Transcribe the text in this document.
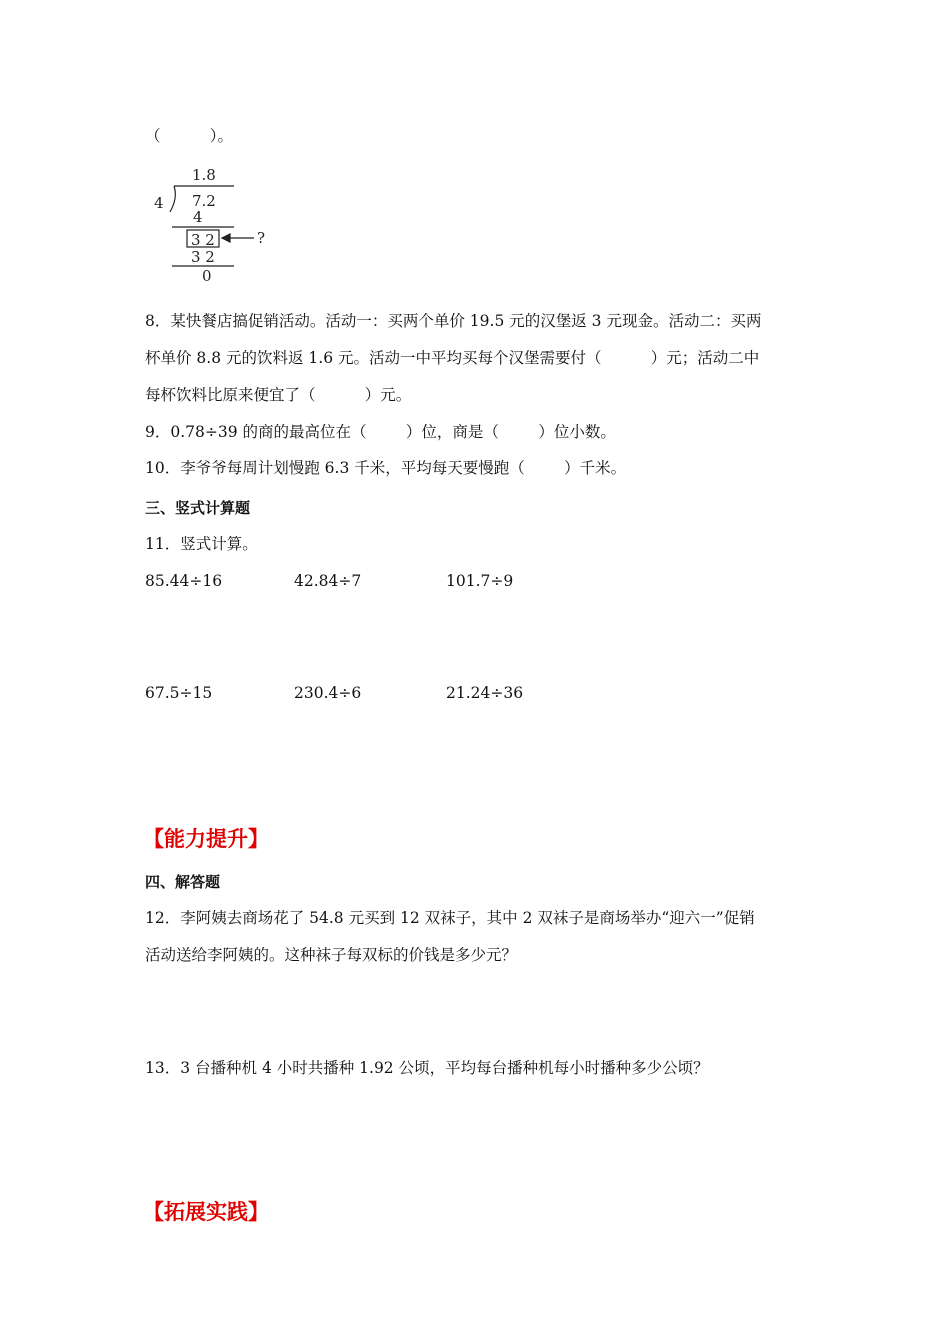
（          ）。
1.8
4 7.2
4
3 2
3 2
0
?
8．某快餐店搞促销活动。活动一：买两个单价 19.5 元的汉堡返 3 元现金。活动二：买两
杯单价 8.8 元的饮料返 1.6 元。活动一中平均买每个汉堡需要付（          ）元；活动二中
每杯饮料比原来便宜了（          ）元。
9．0.78÷39 的商的最高位在（        ）位，商是（        ）位小数。
10．李爷爷每周计划慢跑 6.3 千米，平均每天要慢跑（        ）千米。
三、竖式计算题
11．竖式计算。
85.44÷16	42.84÷7	101.7÷9
67.5÷15	230.4÷6	21.24÷36
【能力提升】
四、解答题
12．李阿姨去商场花了 54.8 元买到 12 双袜子，其中 2 双袜子是商场举办“迎六一”促销
活动送给李阿姨的。这种袜子每双标的价钱是多少元？
13．3 台播种机 4 小时共播种 1.92 公顷，平均每台播种机每小时播种多少公顷？
【拓展实践】
